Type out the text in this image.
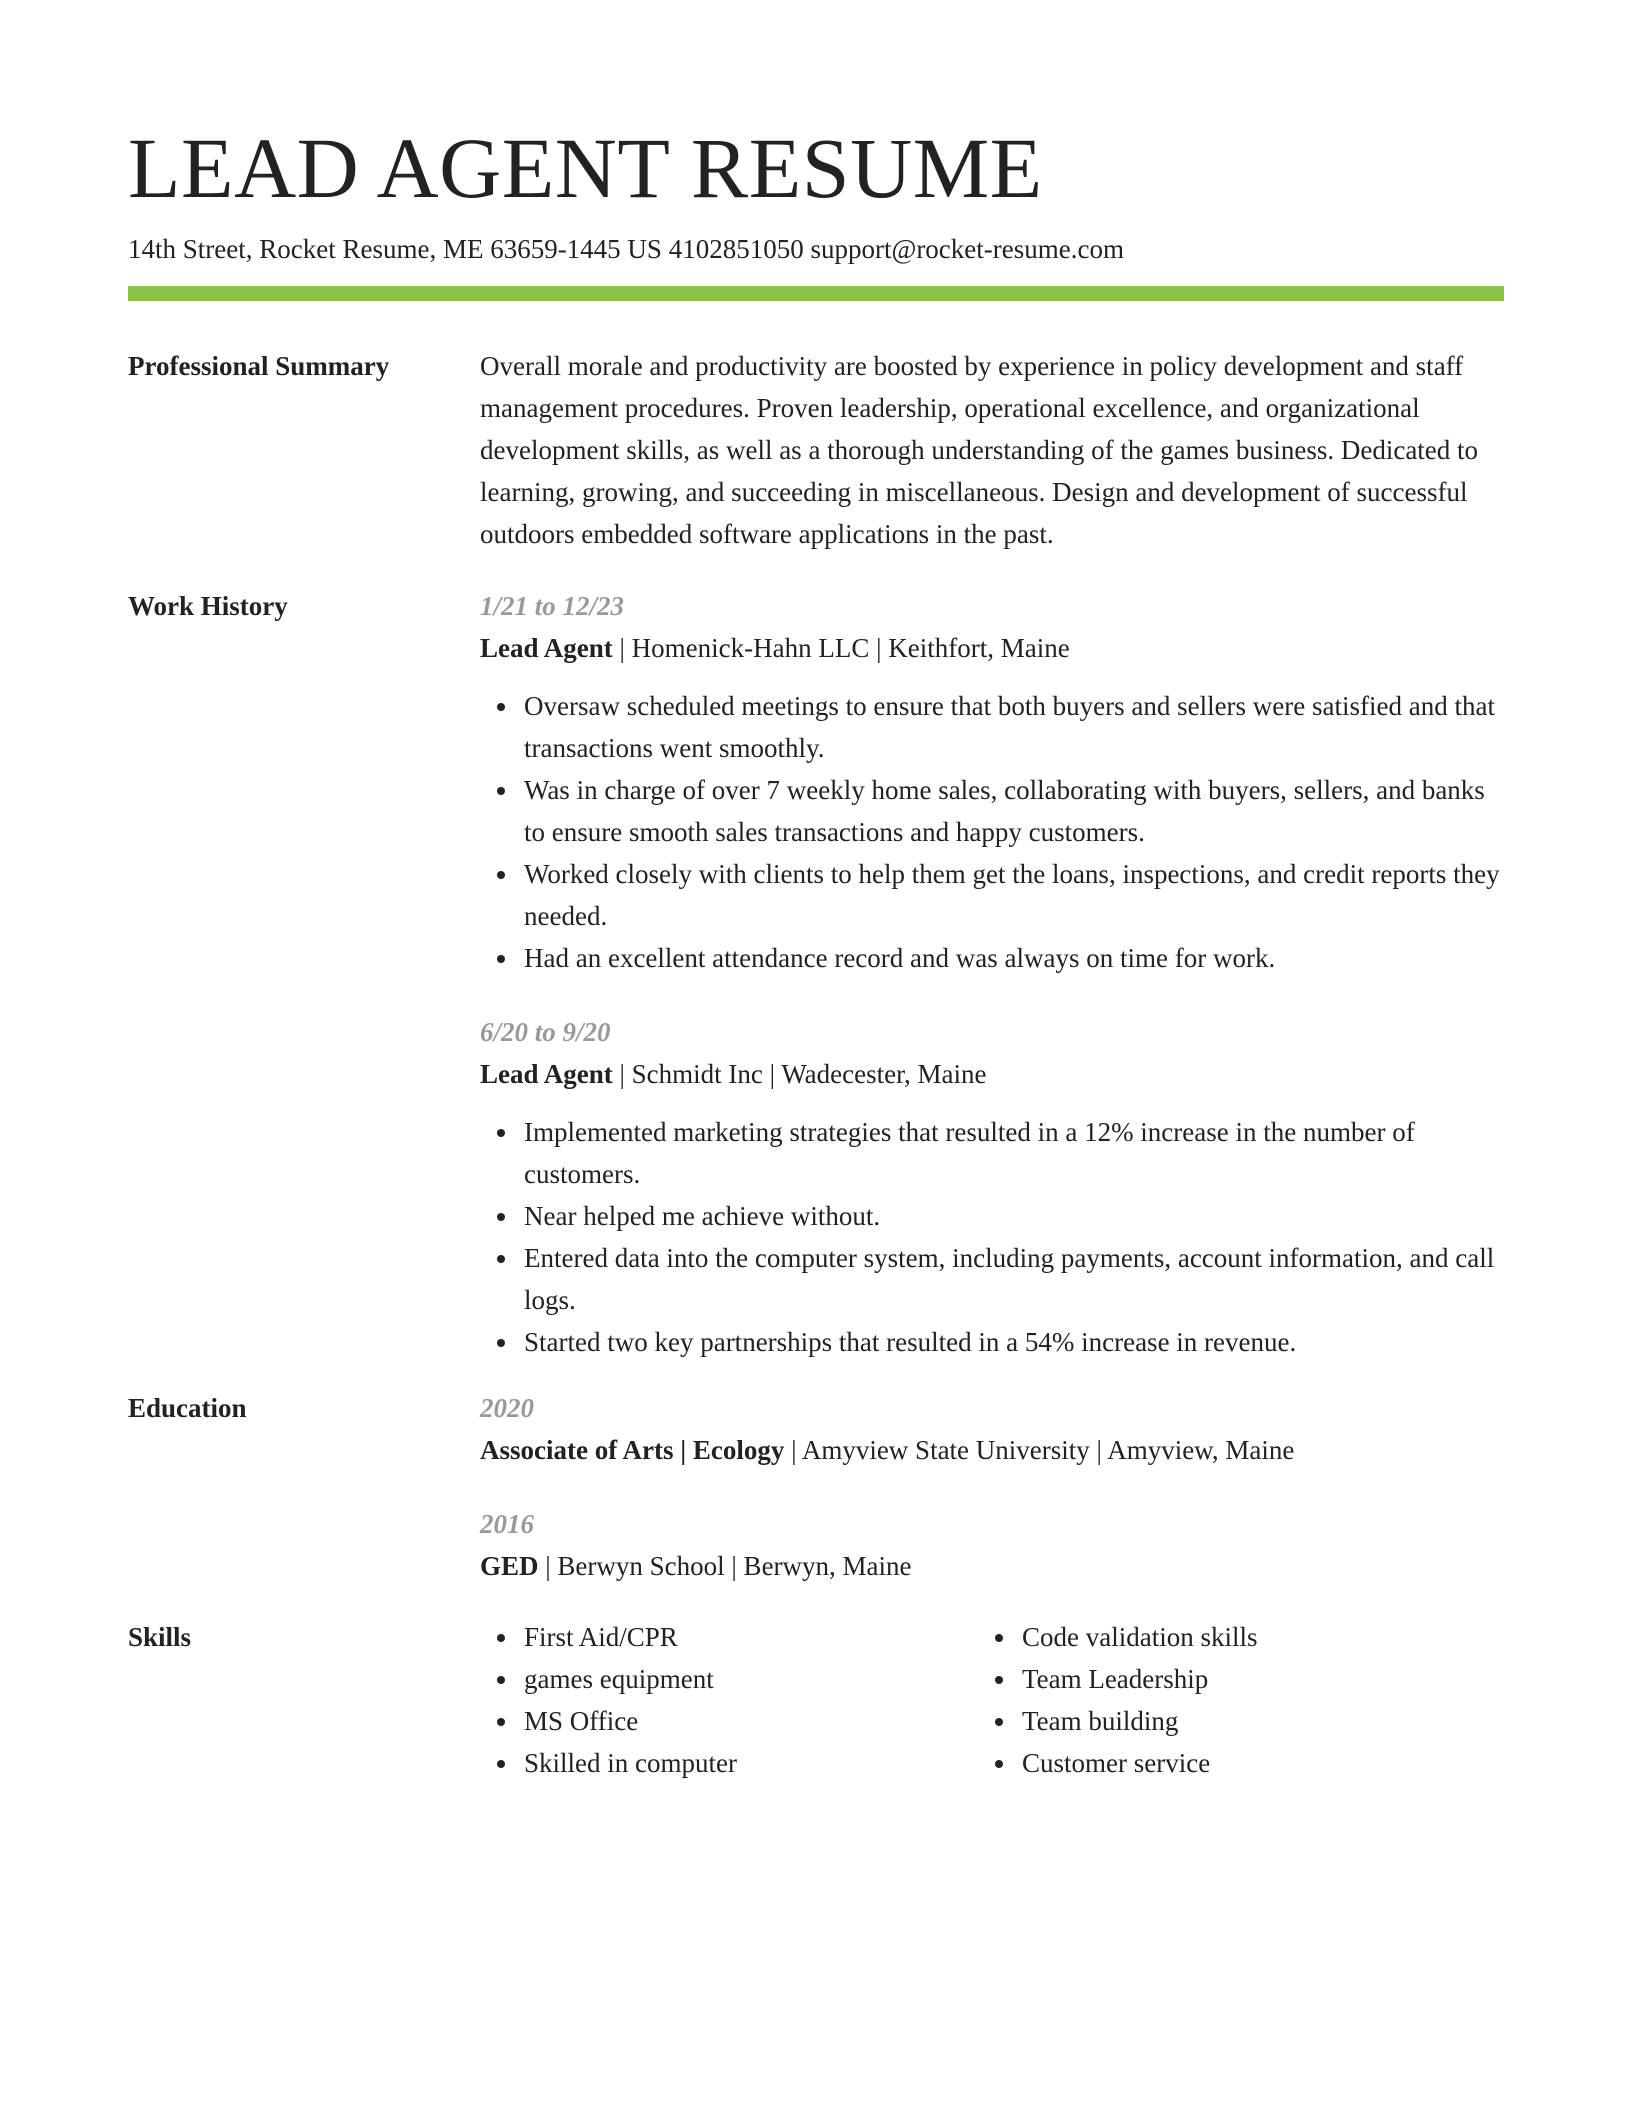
LEAD AGENT RESUME
14th Street, Rocket Resume, ME 63659-1445 US 4102851050 support@rocket-resume.com
Professional Summary	Overall morale and productivity are boosted by experience in policy development and staff management procedures. Proven leadership, operational excellence, and organizational development skills, as well as a thorough understanding of the games business. Dedicated to learning, growing, and succeeding in miscellaneous. Design and development of successful outdoors embedded software applications in the past.

Work History	1/21 to 12/23
Lead Agent | Homenick-Hahn LLC | Keithfort, Maine
Oversaw scheduled meetings to ensure that both buyers and sellers were satisfied and that transactions went smoothly.
Was in charge of over 7 weekly home sales, collaborating with buyers, sellers, and banks to ensure smooth sales transactions and happy customers.
Worked closely with clients to help them get the loans, inspections, and credit reports they needed.
Had an excellent attendance record and was always on time for work.
6/20 to 9/20
Lead Agent | Schmidt Inc | Wadecester, Maine
Implemented marketing strategies that resulted in a 12% increase in the number of customers.
Near helped me achieve without.
Entered data into the computer system, including payments, account information, and call logs.
Started two key partnerships that resulted in a 54% increase in revenue.
Education	2020
Associate of Arts | Ecology | Amyview State University | Amyview, Maine
2016
GED | Berwyn School | Berwyn, Maine
Skills	First Aid/CPR
games equipment
MS Office
Skilled in computer
Code validation skills
Team Leadership
Team building
Customer service
